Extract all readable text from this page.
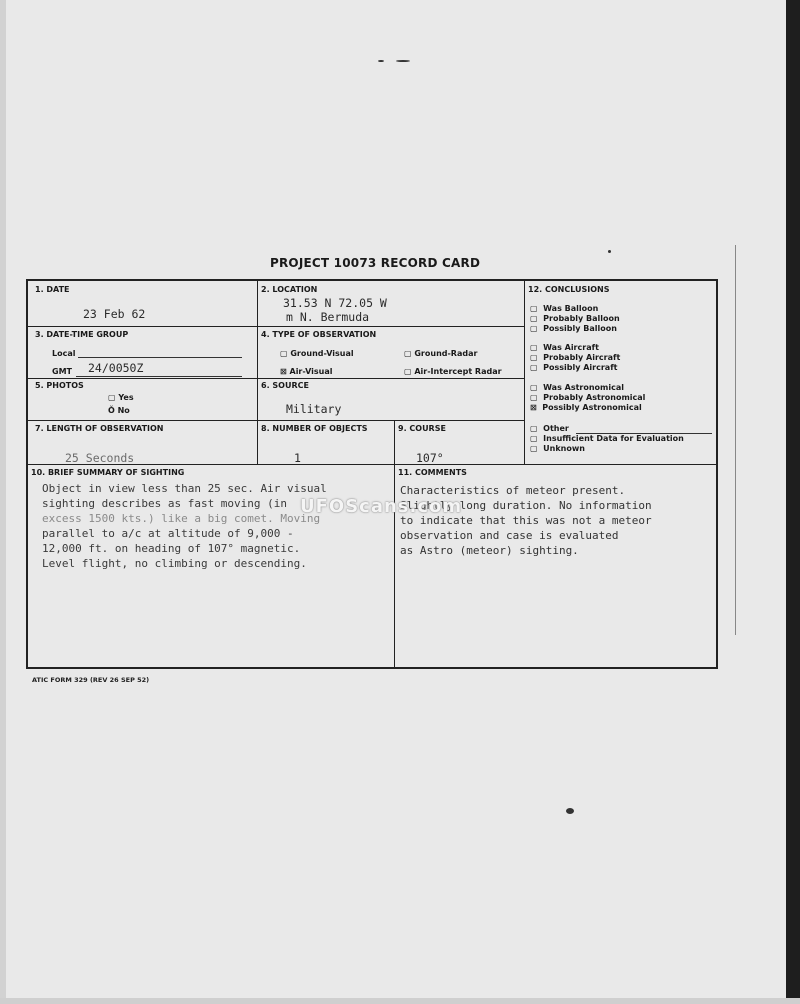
PROJECT 10073 RECORD CARD
1. DATE
23 Feb 62
2. LOCATION
31.53 N 72.05 W
m N. Bermuda
3. DATE-TIME GROUP
Local
GMT 24/0050Z
4. TYPE OF OBSERVATION
▢ Ground-Visual	▢ Ground-Radar
⊠ Air-Visual	▢ Air-Intercept Radar
5. PHOTOS
▢ Yes
Ŏ No
6. SOURCE
Military
7. LENGTH OF OBSERVATION
25 Seconds
8. NUMBER OF OBJECTS
1
9. COURSE
107°
12. CONCLUSIONS
▢ Was Balloon
▢ Probably Balloon
▢ Possibly Balloon
▢ Was Aircraft
▢ Probably Aircraft
▢ Possibly Aircraft
▢ Was Astronomical
▢ Probably Astronomical
⊠ Possibly Astronomical
▢ Other
▢ Insufficient Data for Evaluation
▢ Unknown
10. BRIEF SUMMARY OF SIGHTING
Object in view less than 25 sec. Air visual
sighting describes as fast moving (in
excess 1500 kts.) like a big comet. Moving
parallel to a/c at altitude of 9,000 -
12,000 ft. on heading of 107° magnetic.
Level flight, no climbing or descending.
11. COMMENTS
Characteristics of meteor present.
Slightly long duration. No information
to indicate that this was not a meteor
observation and case is evaluated
as Astro (meteor) sighting.
UFOScans.com
ATIC FORM 329 (REV 26 SEP 52)
